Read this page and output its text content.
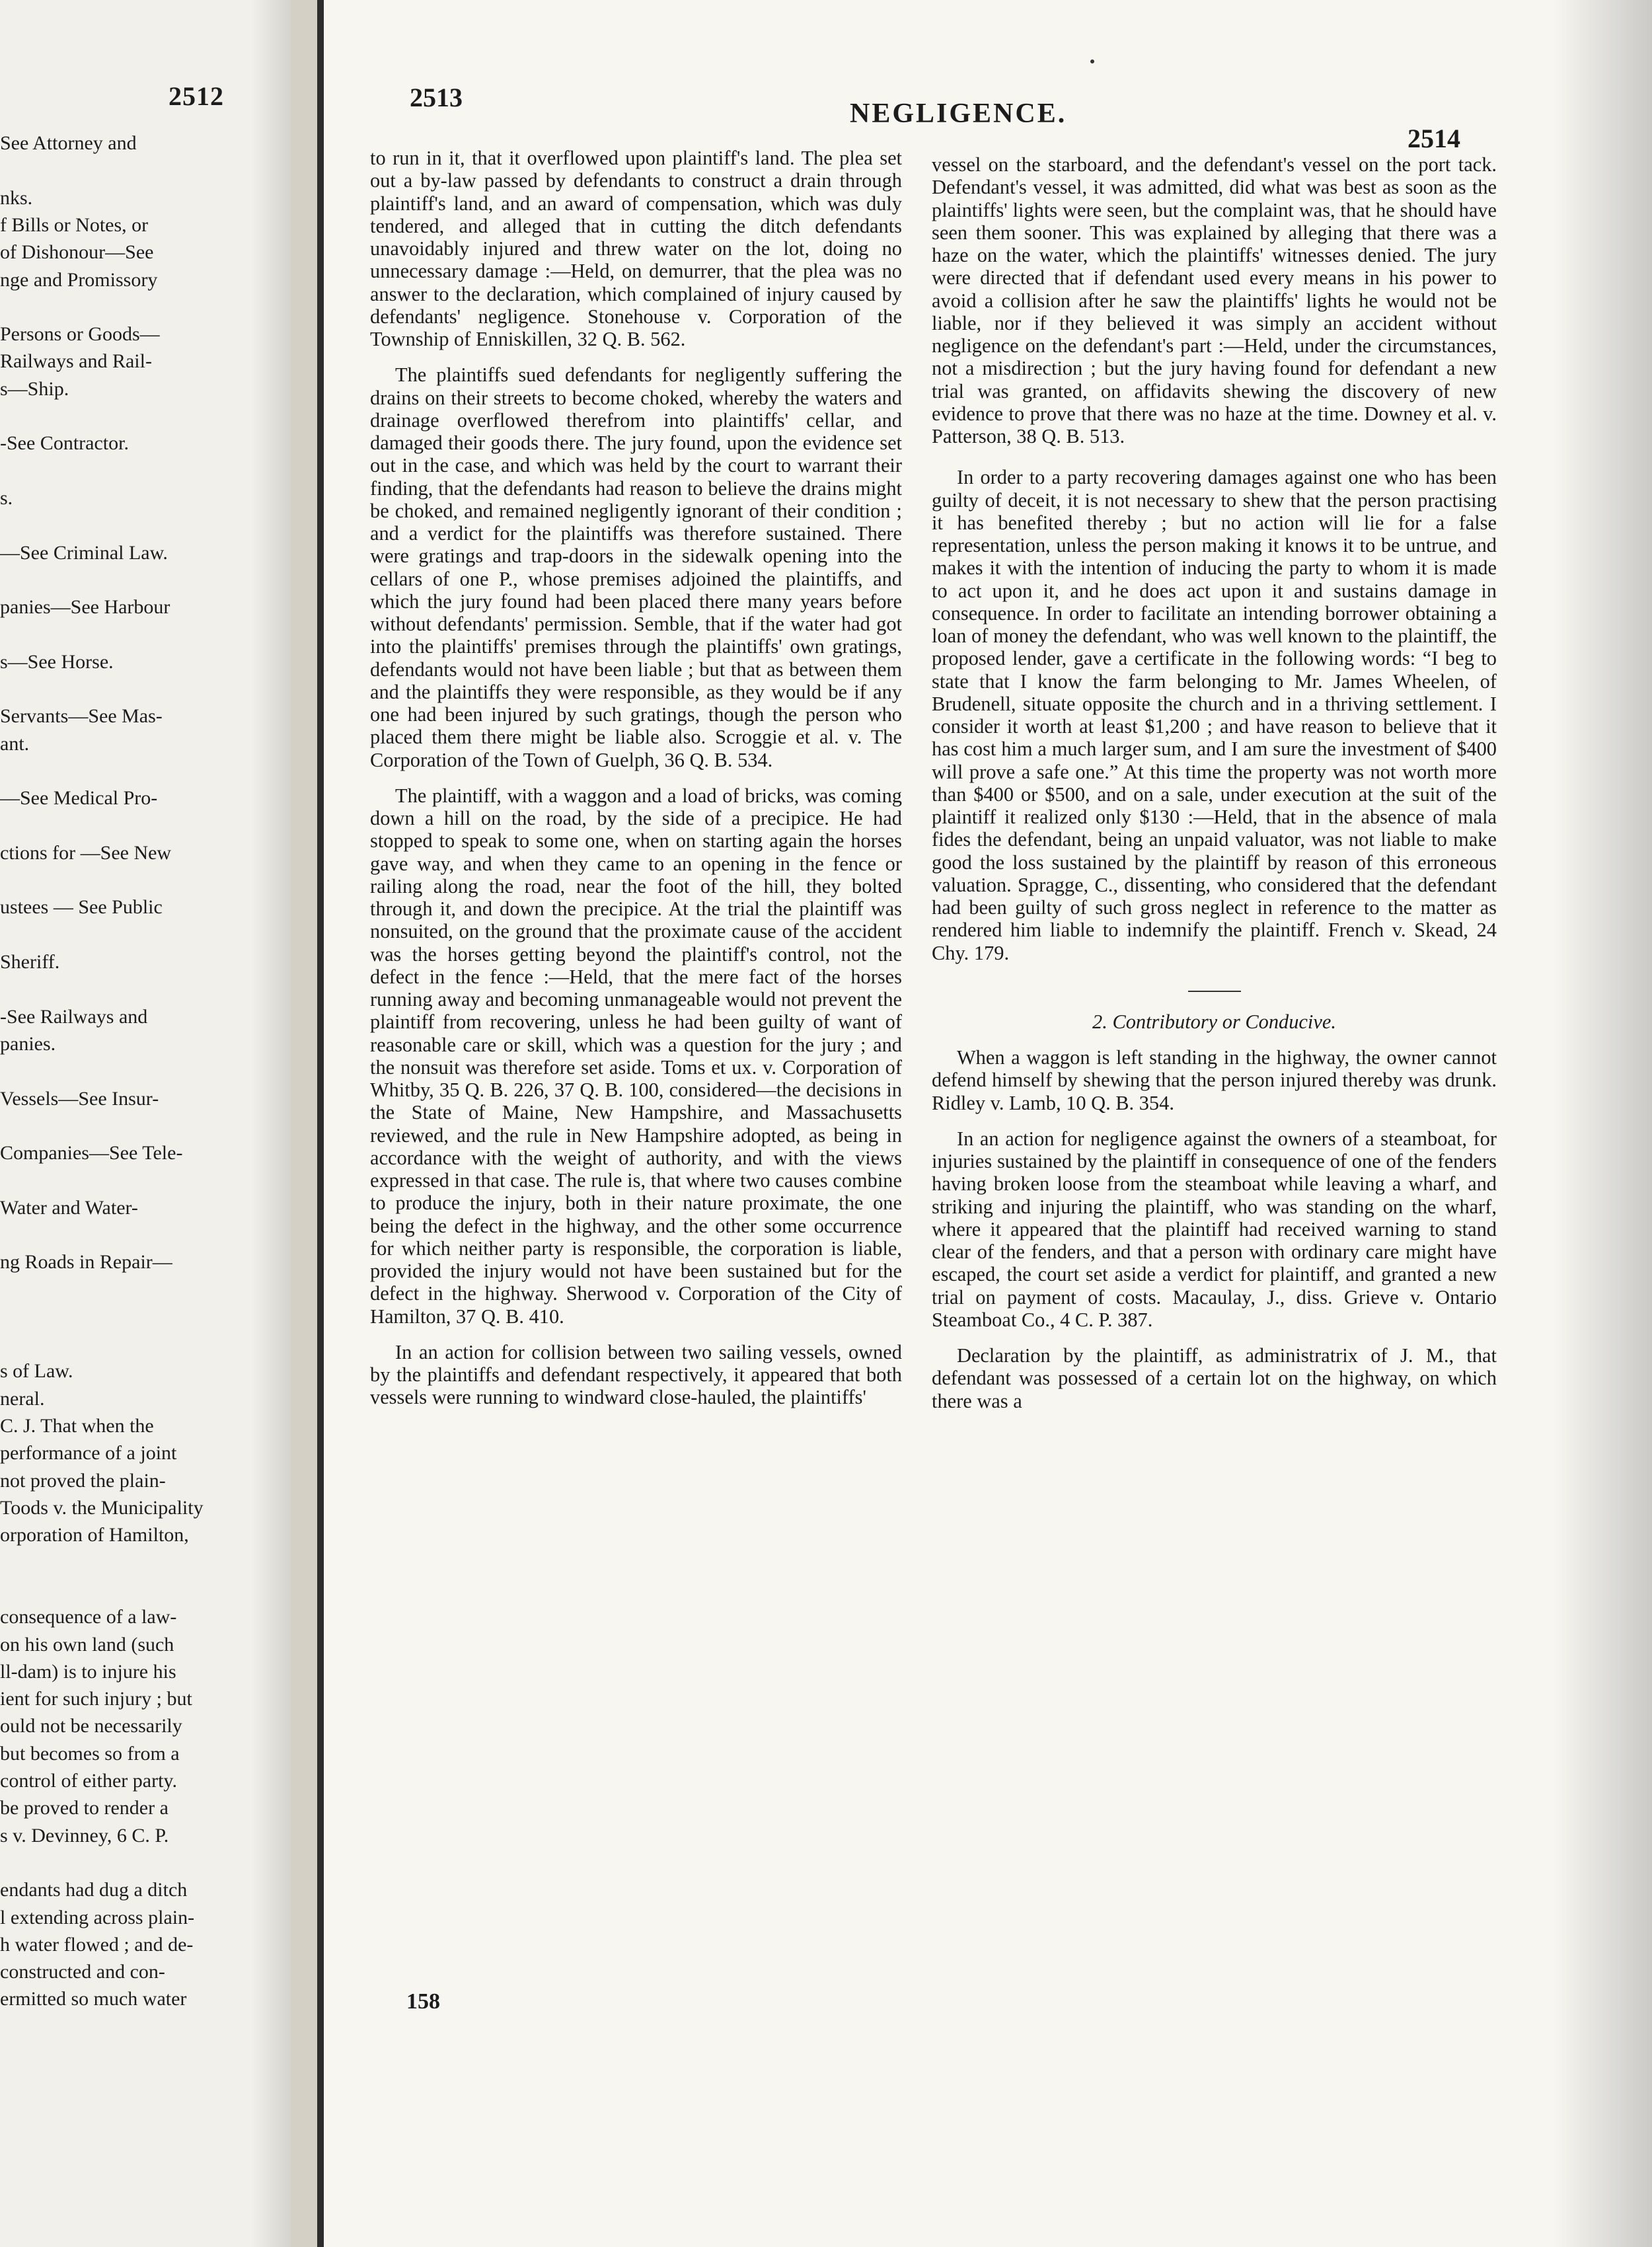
2512
See Attorney and
nks.
f Bills or Notes, or
of Dishonour—See
nge and Promissory
Persons or Goods—
Railways and Rail-
s—Ship.
-See Contractor.
s.
—See Criminal Law.
panies—See Harbour
s—See Horse.
Servants—See Mas-
ant.
—See Medical Pro-
ctions for —See New
ustees — See Public
Sheriff.
-See Railways and
panies.
Vessels—See Insur-
Companies—See Tele-
Water and Water-
ng Roads in Repair—
s of Law.
neral.
C. J. That when the
performance of a joint
not proved the plain-
Toods v. the Municipality
orporation of Hamilton,
consequence of a law-
on his own land (such
ll-dam) is to injure his
ient for such injury ; but
ould not be necessarily
but becomes so from a
control of either party.
be proved to render a
s v. Devinney, 6 C. P.
endants had dug a ditch
l extending across plain-
h water flowed ; and de-
constructed and con-
ermitted so much water
2513
NEGLIGENCE.
2514

to run in it, that it overflowed upon plaintiff's land. The plea set out a by-law passed by defendants to construct a drain through plaintiff's land, and an award of compensation, which was duly tendered, and alleged that in cutting the ditch defendants unavoidably injured and threw water on the lot, doing no unnecessary damage :—Held, on demurrer, that the plea was no answer to the declaration, which complained of injury caused by defendants' negligence. Stonehouse v. Corporation of the Township of Enniskillen, 32 Q. B. 562.

The plaintiffs sued defendants for negligently suffering the drains on their streets to become choked, whereby the waters and drainage overflowed therefrom into plaintiffs' cellar, and damaged their goods there. The jury found, upon the evidence set out in the case, and which was held by the court to warrant their finding, that the defendants had reason to believe the drains might be choked, and remained negligently ignorant of their condition ; and a verdict for the plaintiffs was therefore sustained. There were gratings and trap-doors in the sidewalk opening into the cellars of one P., whose premises adjoined the plaintiffs, and which the jury found had been placed there many years before without defendants' permission. Semble, that if the water had got into the plaintiffs' premises through the plaintiffs' own gratings, defendants would not have been liable ; but that as between them and the plaintiffs they were responsible, as they would be if any one had been injured by such gratings, though the person who placed them there might be liable also. Scroggie et al. v. The Corporation of the Town of Guelph, 36 Q. B. 534.

The plaintiff, with a waggon and a load of bricks, was coming down a hill on the road, by the side of a precipice. He had stopped to speak to some one, when on starting again the horses gave way, and when they came to an opening in the fence or railing along the road, near the foot of the hill, they bolted through it, and down the precipice. At the trial the plaintiff was nonsuited, on the ground that the proximate cause of the accident was the horses getting beyond the plaintiff's control, not the defect in the fence :—Held, that the mere fact of the horses running away and becoming unmanageable would not prevent the plaintiff from recovering, unless he had been guilty of want of reasonable care or skill, which was a question for the jury ; and the nonsuit was therefore set aside. Toms et ux. v. Corporation of Whitby, 35 Q. B. 226, 37 Q. B. 100, considered—the decisions in the State of Maine, New Hampshire, and Massachusetts reviewed, and the rule in New Hampshire adopted, as being in accordance with the weight of authority, and with the views expressed in that case. The rule is, that where two causes combine to produce the injury, both in their nature proximate, the one being the defect in the highway, and the other some occurrence for which neither party is responsible, the corporation is liable, provided the injury would not have been sustained but for the defect in the highway. Sherwood v. Corporation of the City of Hamilton, 37 Q. B. 410.

In an action for collision between two sailing vessels, owned by the plaintiffs and defendant respectively, it appeared that both vessels were running to windward close-hauled, the plaintiffs'

vessel on the starboard, and the defendant's vessel on the port tack. Defendant's vessel, it was admitted, did what was best as soon as the plaintiffs' lights were seen, but the complaint was, that he should have seen them sooner. This was explained by alleging that there was a haze on the water, which the plaintiffs' witnesses denied. The jury were directed that if defendant used every means in his power to avoid a collision after he saw the plaintiffs' lights he would not be liable, nor if they believed it was simply an accident without negligence on the defendant's part :—Held, under the circumstances, not a misdirection ; but the jury having found for defendant a new trial was granted, on affidavits shewing the discovery of new evidence to prove that there was no haze at the time. Downey et al. v. Patterson, 38 Q. B. 513.

In order to a party recovering damages against one who has been guilty of deceit, it is not necessary to shew that the person practising it has benefited thereby ; but no action will lie for a false representation, unless the person making it knows it to be untrue, and makes it with the intention of inducing the party to whom it is made to act upon it, and he does act upon it and sustains damage in consequence. In order to facilitate an intending borrower obtaining a loan of money the defendant, who was well known to the plaintiff, the proposed lender, gave a certificate in the following words: “I beg to state that I know the farm belonging to Mr. James Wheelen, of Brudenell, situate opposite the church and in a thriving settlement. I consider it worth at least $1,200 ; and have reason to believe that it has cost him a much larger sum, and I am sure the investment of $400 will prove a safe one.” At this time the property was not worth more than $400 or $500, and on a sale, under execution at the suit of the plaintiff it realized only $130 :—Held, that in the absence of mala fides the defendant, being an unpaid valuator, was not liable to make good the loss sustained by the plaintiff by reason of this erroneous valuation. Spragge, C., dissenting, who considered that the defendant had been guilty of such gross neglect in reference to the matter as rendered him liable to indemnify the plaintiff. French v. Skead, 24 Chy. 179.

2. Contributory or Conducive.

When a waggon is left standing in the highway, the owner cannot defend himself by shewing that the person injured thereby was drunk. Ridley v. Lamb, 10 Q. B. 354.

In an action for negligence against the owners of a steamboat, for injuries sustained by the plaintiff in consequence of one of the fenders having broken loose from the steamboat while leaving a wharf, and striking and injuring the plaintiff, who was standing on the wharf, where it appeared that the plaintiff had received warning to stand clear of the fenders, and that a person with ordinary care might have escaped, the court set aside a verdict for plaintiff, and granted a new trial on payment of costs. Macaulay, J., diss. Grieve v. Ontario Steamboat Co., 4 C. P. 387.

Declaration by the plaintiff, as administratrix of J. M., that defendant was possessed of a certain lot on the highway, on which there was a

158
